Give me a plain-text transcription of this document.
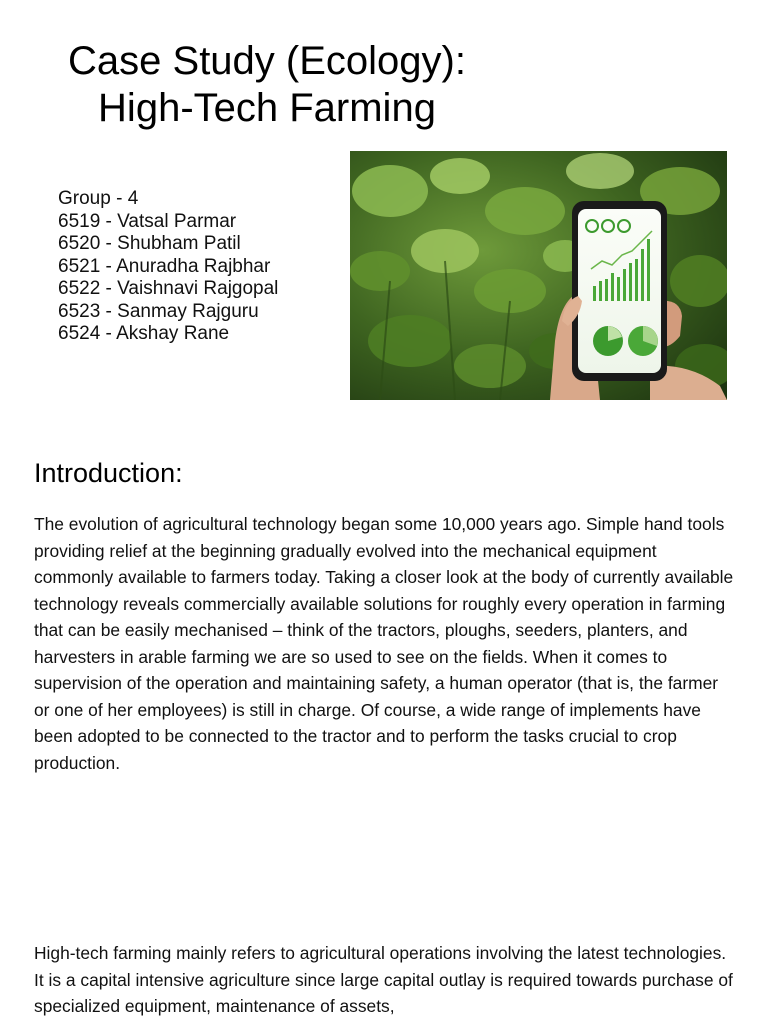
Case Study (Ecology):
High-Tech Farming
Group - 4
6519 - Vatsal Parmar
6520 - Shubham Patil
6521 - Anuradha Rajbhar
6522 - Vaishnavi Rajgopal
6523 - Sanmay Rajguru
6524 - Akshay Rane
Introduction:

The evolution of agricultural technology began some 10,000 years ago. Simple hand tools providing relief at the beginning gradually evolved into the mechanical equipment commonly available to farmers today. Taking a closer look at the body of currently available technology reveals commercially available solutions for roughly every operation in farming that can be easily mechanised – think of the tractors, ploughs, seeders, planters, and harvesters in arable farming we are so used to see on the fields. When it comes to supervision of the operation and maintaining safety, a human operator (that is, the farmer or one of her employees) is still in charge. Of course, a wide range of implements have been adopted to be connected to the tractor and to perform the tasks crucial to crop production.

High-tech farming mainly refers to agricultural operations involving the latest technologies. It is a capital intensive agriculture since large capital outlay is required towards purchase of specialized equipment, maintenance of assets,
